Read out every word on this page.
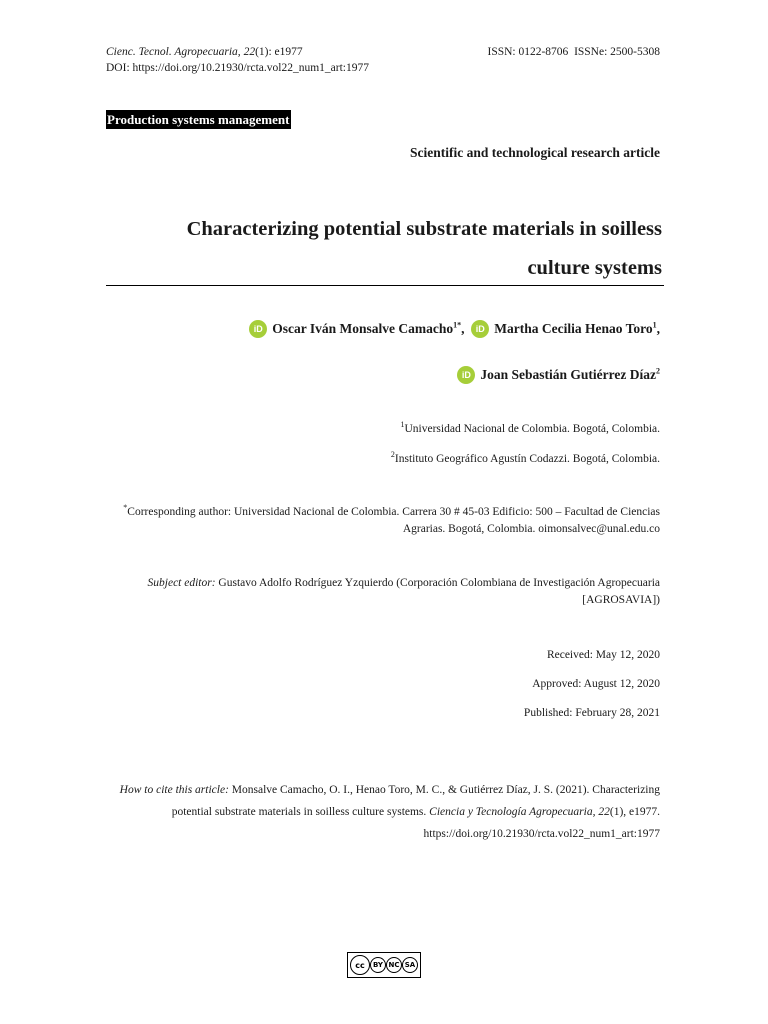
Cienc. Tecnol. Agropecuaria, 22(1): e1977
DOI: https://doi.org/10.21930/rcta.vol22_num1_art:1977
ISSN: 0122-8706 ISSNe: 2500-5308
Production systems management
Scientific and technological research article
Characterizing potential substrate materials in soilless
culture systems
iD Oscar Iván Monsalve Camacho$^{1*}$,
	iD Martha Cecilia Henao Toro$^1$,
iD Joan Sebastián Gutiérrez Díaz$^2$
$^1$Universidad Nacional de Colombia. Bogotá, Colombia.
$^2$Instituto Geográfico Agustín Codazzi. Bogotá, Colombia.
*Corresponding author: Universidad Nacional de Colombia. Carrera 30 # 45-03 Edificio: 500 – Facultad de Ciencias Agrarias. Bogotá, Colombia. oimonsalvec@unal.edu.co
Subject editor: Gustavo Adolfo Rodríguez Yzquierdo (Corporación Colombiana de Investigación Agropecuaria [AGROSAVIA])
Received: May 12, 2020
Approved: August 12, 2020
Published: February 28, 2021
How to cite this article: Monsalve Camacho, O. I., Henao Toro, M. C., & Gutiérrez Díaz, J. S. (2021). Characterizing potential substrate materials in soilless culture systems. Ciencia y Tecnología Agropecuaria, 22(1), e1977. https://doi.org/10.21930/rcta.vol22_num1_art:1977
cc	BY NC SA
